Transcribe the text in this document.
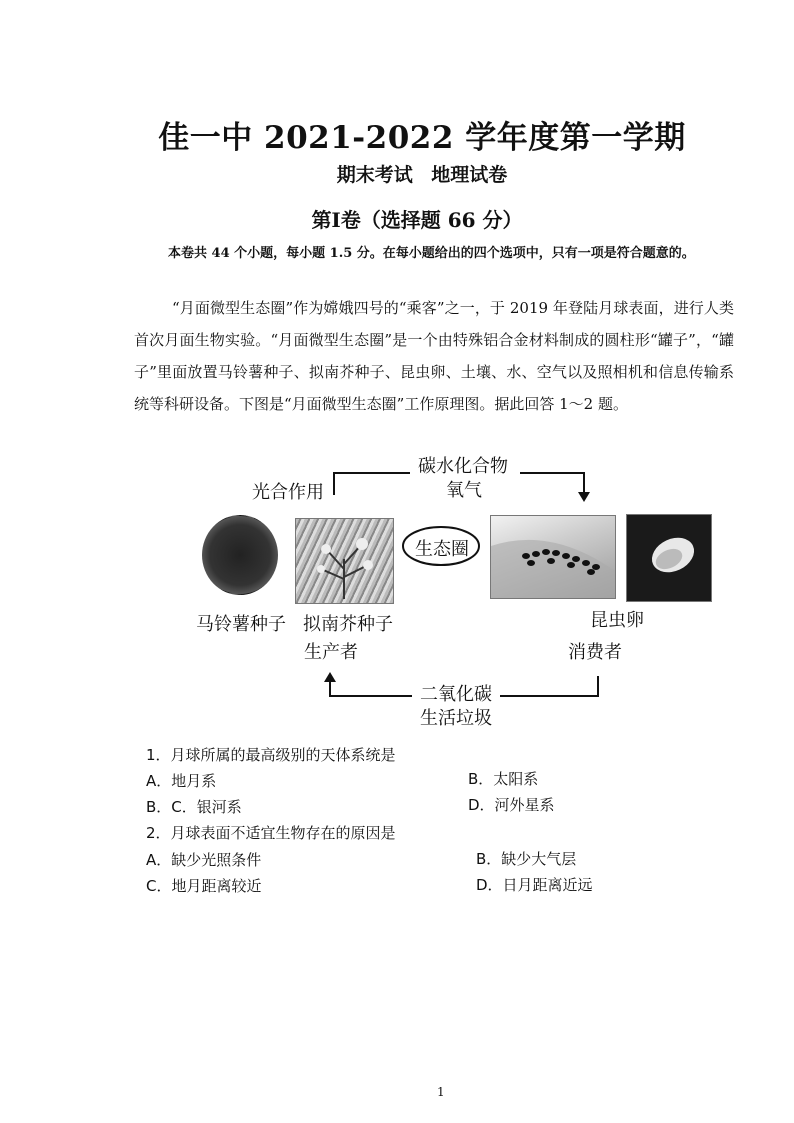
佳一中 2021-2022 学年度第一学期
期末考试 地理试卷
第Ⅰ卷（选择题 66 分）
本卷共 44 个小题，每小题 1.5 分。在每小题给出的四个选项中，只有一项是符合题意的。
“月面微型生态圈”作为嫦娥四号的“乘客”之一，于 2019 年登陆月球表面，进行人类首次月面生物实验。“月面微型生态圈”是一个由特殊铝合金材料制成的圆柱形“罐子”，“罐子”里面放置马铃薯种子、拟南芥种子、昆虫卵、土壤、水、空气以及照相机和信息传输系统等科研设备。下图是“月面微型生态圈”工作原理图。据此回答 1～2 题。
碳水化合物
氧气
光合作用
生态圈
马铃薯种子 拟南芥种子
生产者
昆虫卵
消费者
二氧化碳
生活垃圾
1．月球所属的最高级别的天体系统是
A．地月系	B．太阳系
B．C．银河系	D．河外星系
2．月球表面不适宜生物存在的原因是
A．缺少光照条件	B．缺少大气层
C．地月距离较近	D．日月距离近远
1
